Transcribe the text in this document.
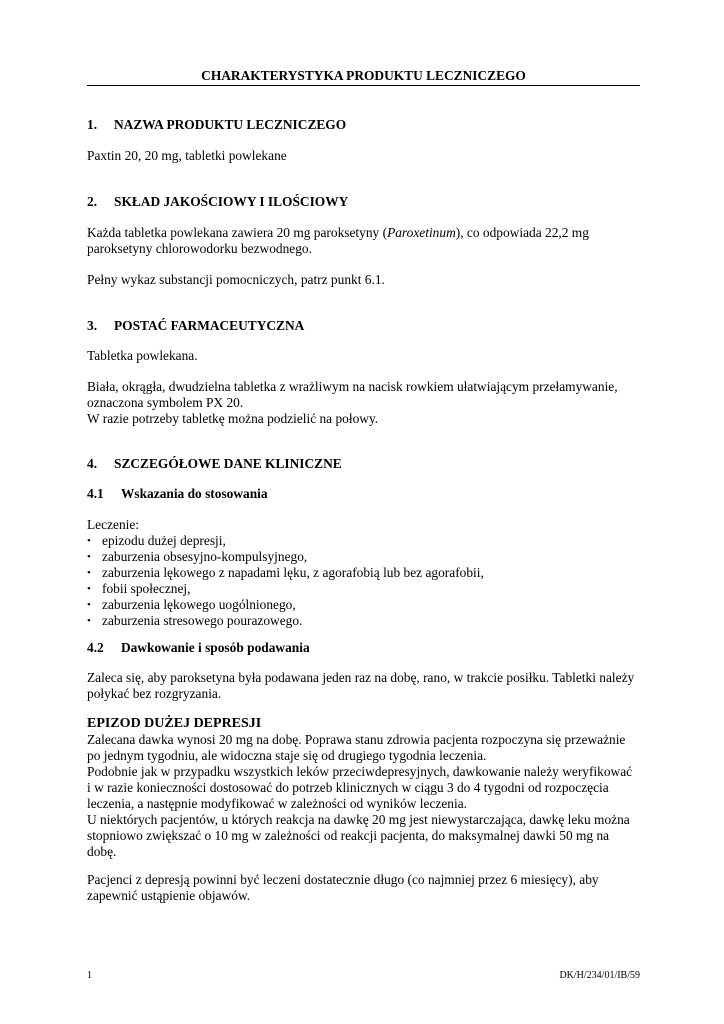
CHARAKTERYSTYKA PRODUKTU LECZNICZEGO
1. NAZWA PRODUKTU LECZNICZEGO
Paxtin 20, 20 mg, tabletki powlekane
2. SKŁAD JAKOŚCIOWY I ILOŚCIOWY
Każda tabletka powlekana zawiera 20 mg paroksetyny (Paroxetinum), co odpowiada 22,2 mg
paroksetyny chlorowodorku bezwodnego.
Pełny wykaz substancji pomocniczych, patrz punkt 6.1.
3. POSTAĆ FARMACEUTYCZNA
Tabletka powlekana.
Biała, okrągła, dwudzielna tabletka z wrażliwym na nacisk rowkiem ułatwiającym przełamywanie,
oznaczona symbolem PX 20.
W razie potrzeby tabletkę można podzielić na połowy.
4. SZCZEGÓŁOWE DANE KLINICZNE
4.1 Wskazania do stosowania
Leczenie:
• epizodu dużej depresji,
• zaburzenia obsesyjno-kompulsyjnego,
• zaburzenia lękowego z napadami lęku, z agorafobią lub bez agorafobii,
• fobii społecznej,
• zaburzenia lękowego uogólnionego,
• zaburzenia stresowego pourazowego.
4.2 Dawkowanie i sposób podawania
Zaleca się, aby paroksetyna była podawana jeden raz na dobę, rano, w trakcie posiłku. Tabletki należy
połykać bez rozgryzania.
EPIZOD DUŻEJ DEPRESJI
Zalecana dawka wynosi 20 mg na dobę. Poprawa stanu zdrowia pacjenta rozpoczyna się przeważnie
po jednym tygodniu, ale widoczna staje się od drugiego tygodnia leczenia.
Podobnie jak w przypadku wszystkich leków przeciwdepresyjnych, dawkowanie należy weryfikować
i w razie konieczności dostosować do potrzeb klinicznych w ciągu 3 do 4 tygodni od rozpoczęcia
leczenia, a następnie modyfikować w zależności od wyników leczenia.
U niektórych pacjentów, u których reakcja na dawkę 20 mg jest niewystarczająca, dawkę leku można
stopniowo zwiększać o 10 mg w zależności od reakcji pacjenta, do maksymalnej dawki 50 mg na
dobę.
Pacjenci z depresją powinni być leczeni dostatecznie długo (co najmniej przez 6 miesięcy), aby
zapewnić ustąpienie objawów.
1	DK/H/234/01/IB/59
